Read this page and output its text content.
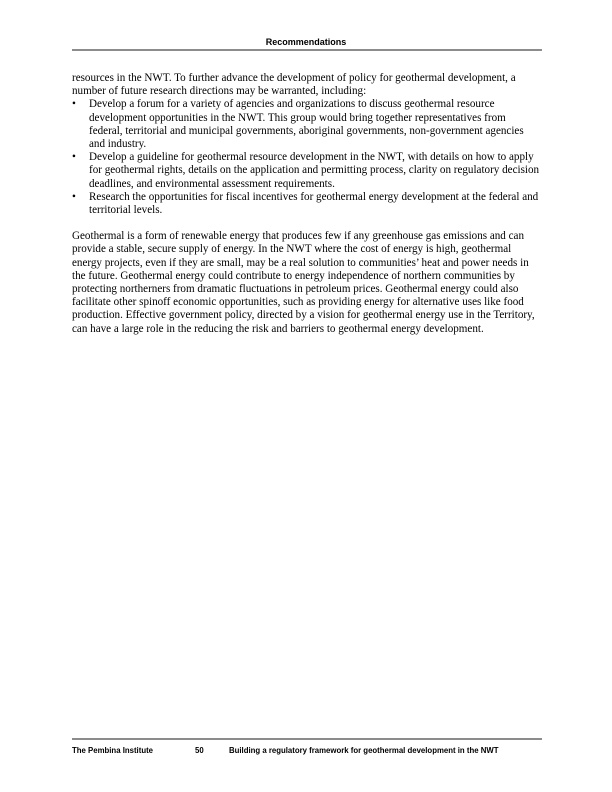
Recommendations

resources in the NWT. To further advance the development of policy for geothermal development, a number of future research directions may be warranted, including:

• Develop a forum for a variety of agencies and organizations to discuss geothermal resource development opportunities in the NWT. This group would bring together representatives from federal, territorial and municipal governments, aboriginal governments, non-government agencies and industry.
• Develop a guideline for geothermal resource development in the NWT, with details on how to apply for geothermal rights, details on the application and permitting process, clarity on regulatory decision deadlines, and environmental assessment requirements.
• Research the opportunities for fiscal incentives for geothermal energy development at the federal and territorial levels.

Geothermal is a form of renewable energy that produces few if any greenhouse gas emissions and can provide a stable, secure supply of energy. In the NWT where the cost of energy is high, geothermal energy projects, even if they are small, may be a real solution to communities’ heat and power needs in the future. Geothermal energy could contribute to energy independence of northern communities by protecting northerners from dramatic fluctuations in petroleum prices. Geothermal energy could also facilitate other spinoff economic opportunities, such as providing energy for alternative uses like food production. Effective government policy, directed by a vision for geothermal energy use in the Territory, can have a large role in the reducing the risk and barriers to geothermal energy development.

The Pembina Institute	50	Building a regulatory framework for geothermal development in the NWT
